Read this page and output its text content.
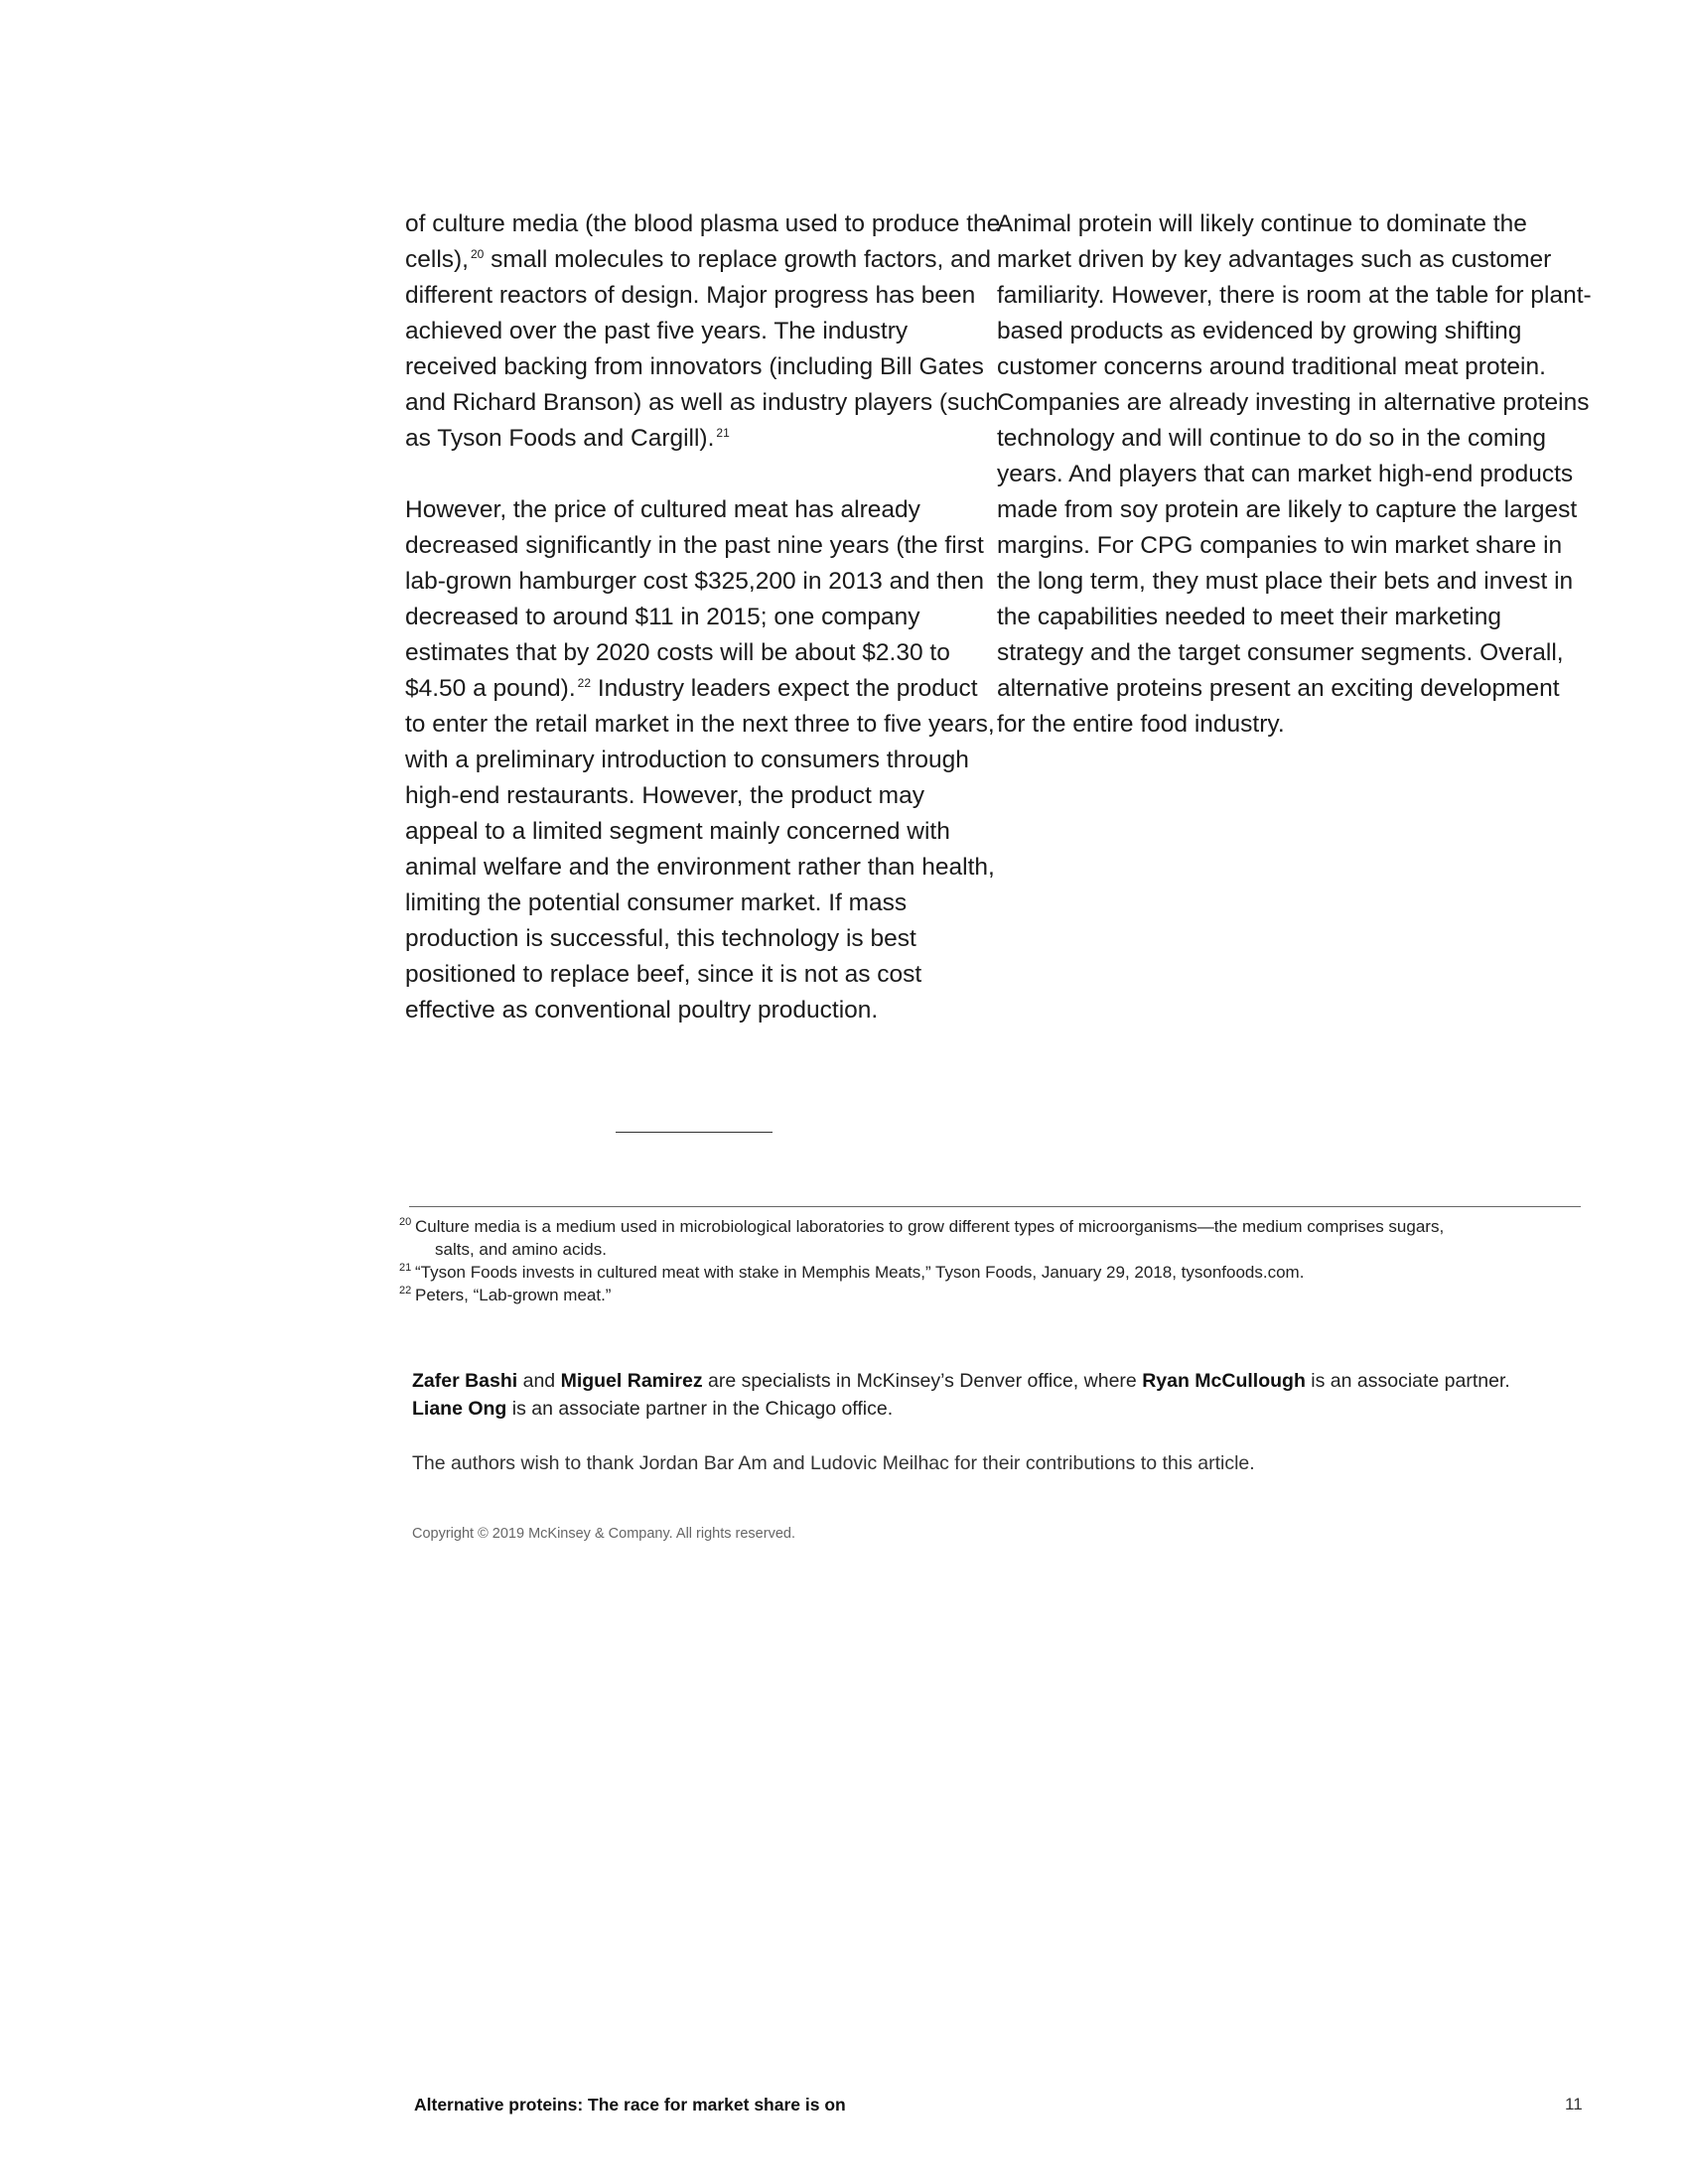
of culture media (the blood plasma used to produce the cells), $^{20}$ small molecules to replace growth factors, and different reactors of design. Major progress has been achieved over the past five years. The industry received backing from innovators (including Bill Gates and Richard Branson) as well as industry players (such as Tyson Foods and Cargill). $^{21}$

However, the price of cultured meat has already decreased significantly in the past nine years (the first lab-grown hamburger cost $325,200 in 2013 and then decreased to around $11 in 2015; one company estimates that by 2020 costs will be about $2.30 to $4.50 a pound). $^{22}$ Industry leaders expect the product to enter the retail market in the next three to five years, with a preliminary introduction to consumers through high-end restaurants. However, the product may appeal to a limited segment mainly concerned with animal welfare and the environment rather than health, limiting the potential consumer market. If mass production is successful, this technology is best positioned to replace beef, since it is not as cost effective as conventional poultry production.

Animal protein will likely continue to dominate the market driven by key advantages such as customer familiarity. However, there is room at the table for plant-based products as evidenced by growing shifting customer concerns around traditional meat protein. Companies are already investing in alternative proteins technology and will continue to do so in the coming years. And players that can market high-end products made from soy protein are likely to capture the largest margins. For CPG companies to win market share in the long term, they must place their bets and invest in the capabilities needed to meet their marketing strategy and the target consumer segments. Overall, alternative proteins present an exciting development for the entire food industry.

20 Culture media is a medium used in microbiological laboratories to grow different types of microorganisms—the medium comprises sugars,
salts, and amino acids.
21 “Tyson Foods invests in cultured meat with stake in Memphis Meats,” Tyson Foods, January 29, 2018, tysonfoods.com.
22 Peters, “Lab-grown meat.”
Zafer Bashi and Miguel Ramirez are specialists in McKinsey’s Denver office, where Ryan McCullough is an associate partner.
Liane Ong is an associate partner in the Chicago office.
The authors wish to thank Jordan Bar Am and Ludovic Meilhac for their contributions to this article.
Copyright © 2019 McKinsey & Company. All rights reserved.
Alternative proteins: The race for market share is on	11
